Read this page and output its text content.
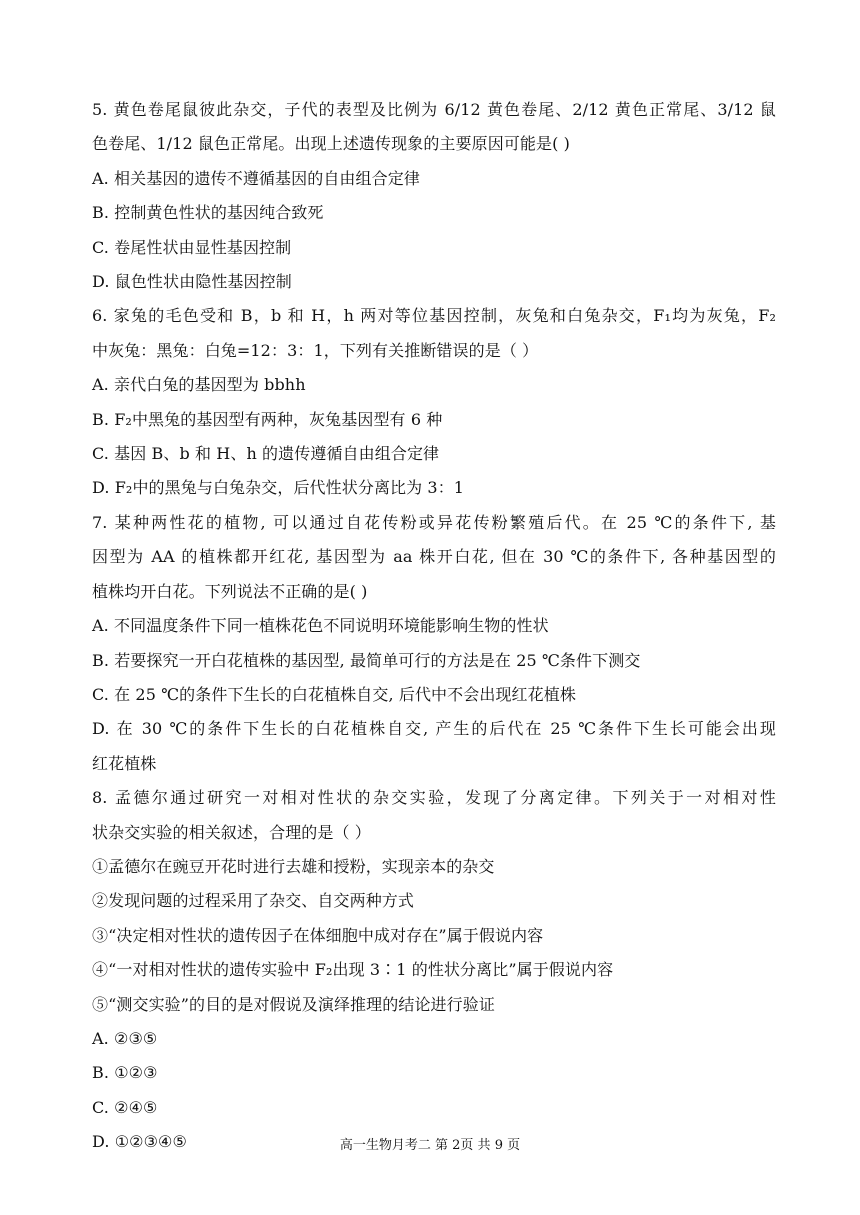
5. 黄色卷尾鼠彼此杂交，子代的表型及比例为 6/12 黄色卷尾、2/12 黄色正常尾、3/12 鼠
色卷尾、1/12 鼠色正常尾。出现上述遗传现象的主要原因可能是( )
A. 相关基因的遗传不遵循基因的自由组合定律
B. 控制黄色性状的基因纯合致死
C. 卷尾性状由显性基因控制
D. 鼠色性状由隐性基因控制
6. 家兔的毛色受和 B，b 和 H，h 两对等位基因控制，灰兔和白兔杂交，F₁均为灰兔，F₂
中灰兔：黑兔：白兔=12：3：1，下列有关推断错误的是（ ）
A. 亲代白兔的基因型为 bbhh
B. F₂中黑兔的基因型有两种，灰兔基因型有 6 种
C. 基因 B、b 和 H、h 的遗传遵循自由组合定律
D. F₂中的黑兔与白兔杂交，后代性状分离比为 3：1
7. 某种两性花的植物, 可以通过自花传粉或异花传粉繁殖后代。在 25 ℃的条件下, 基
因型为 AA 的植株都开红花, 基因型为 aa 株开白花, 但在 30 ℃的条件下, 各种基因型的
植株均开白花。下列说法不正确的是( )
A. 不同温度条件下同一植株花色不同说明环境能影响生物的性状
B. 若要探究一开白花植株的基因型, 最简单可行的方法是在 25 ℃条件下测交
C. 在 25 ℃的条件下生长的白花植株自交, 后代中不会出现红花植株
D. 在 30 ℃的条件下生长的白花植株自交, 产生的后代在 25 ℃条件下生长可能会出现
红花植株
8. 孟德尔通过研究一对相对性状的杂交实验，发现了分离定律。下列关于一对相对性
状杂交实验的相关叙述，合理的是（ ）
①孟德尔在豌豆开花时进行去雄和授粉，实现亲本的杂交
②发现问题的过程采用了杂交、自交两种方式
③“决定相对性状的遗传因子在体细胞中成对存在”属于假说内容
④“一对相对性状的遗传实验中 F₂出现 3∶1 的性状分离比”属于假说内容
⑤“测交实验”的目的是对假说及演绎推理的结论进行验证
A. ②③⑤
B. ①②③
C. ②④⑤
D. ①②③④⑤	高一生物月考二 第 2页 共 9 页
